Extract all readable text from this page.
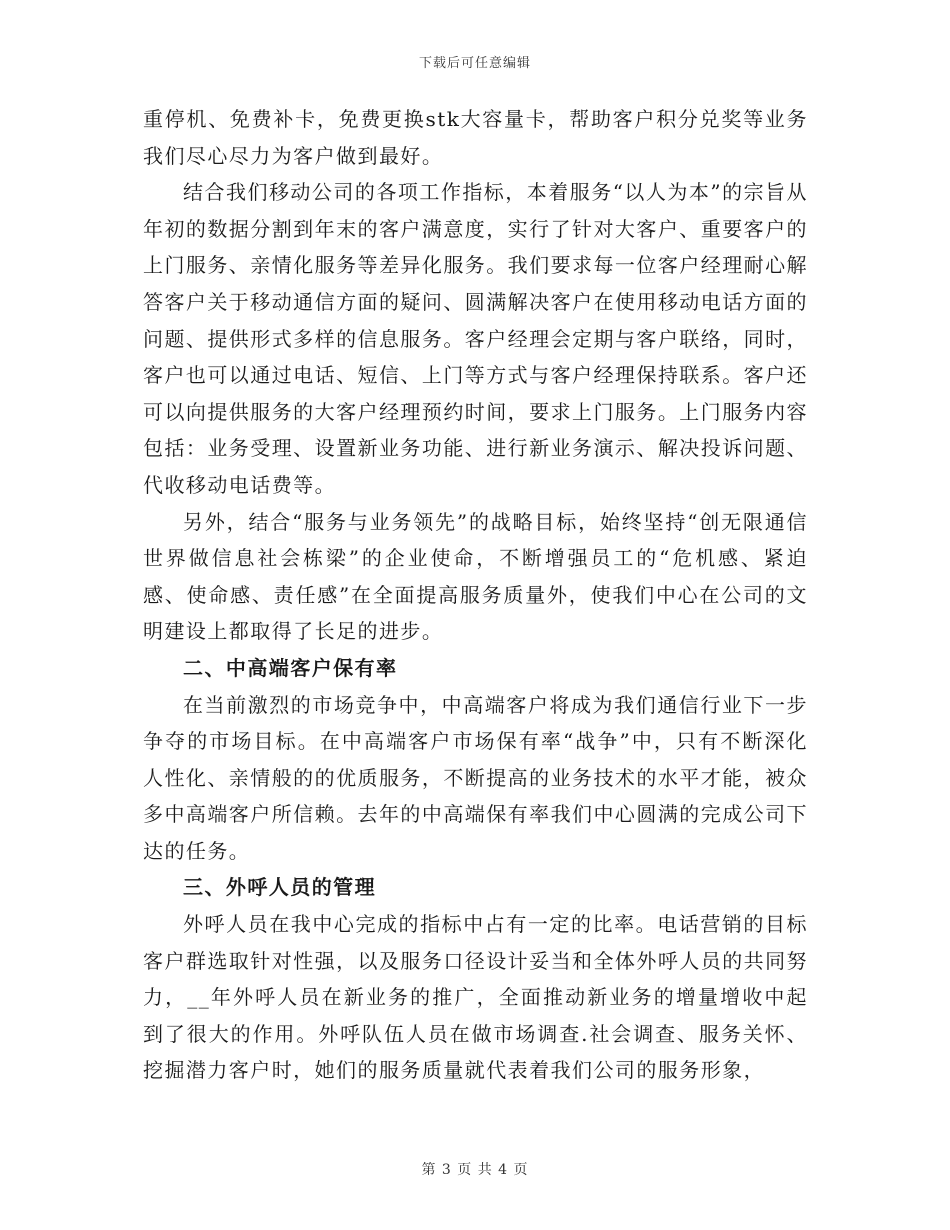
下载后可任意编辑

重停机、免费补卡，免费更换stk大容量卡，帮助客户积分兑奖等业务我们尽心尽力为客户做到最好。

结合我们移动公司的各项工作指标，本着服务“以人为本”的宗旨从年初的数据分割到年末的客户满意度，实行了针对大客户、重要客户的上门服务、亲情化服务等差异化服务。我们要求每一位客户经理耐心解答客户关于移动通信方面的疑问、圆满解决客户在使用移动电话方面的问题、提供形式多样的信息服务。客户经理会定期与客户联络，同时，客户也可以通过电话、短信、上门等方式与客户经理保持联系。客户还可以向提供服务的大客户经理预约时间，要求上门服务。上门服务内容包括：业务受理、设置新业务功能、进行新业务演示、解决投诉问题、代收移动电话费等。

另外，结合“服务与业务领先”的战略目标，始终坚持“创无限通信世界做信息社会栋梁”的企业使命，不断增强员工的“危机感、紧迫感、使命感、责任感”在全面提高服务质量外，使我们中心在公司的文明建设上都取得了长足的进步。

二、中高端客户保有率

在当前激烈的市场竞争中，中高端客户将成为我们通信行业下一步争夺的市场目标。在中高端客户市场保有率“战争”中，只有不断深化人性化、亲情般的的优质服务，不断提高的业务技术的水平才能，被众多中高端客户所信赖。去年的中高端保有率我们中心圆满的完成公司下达的任务。

三、外呼人员的管理

外呼人员在我中心完成的指标中占有一定的比率。电话营销的目标客户群选取针对性强，以及服务口径设计妥当和全体外呼人员的共同努力，__年外呼人员在新业务的推广，全面推动新业务的增量增收中起到了很大的作用。外呼队伍人员在做市场调查.社会调查、服务关怀、挖掘潜力客户时，她们的服务质量就代表着我们公司的服务形象，

第 3 页 共 4 页
